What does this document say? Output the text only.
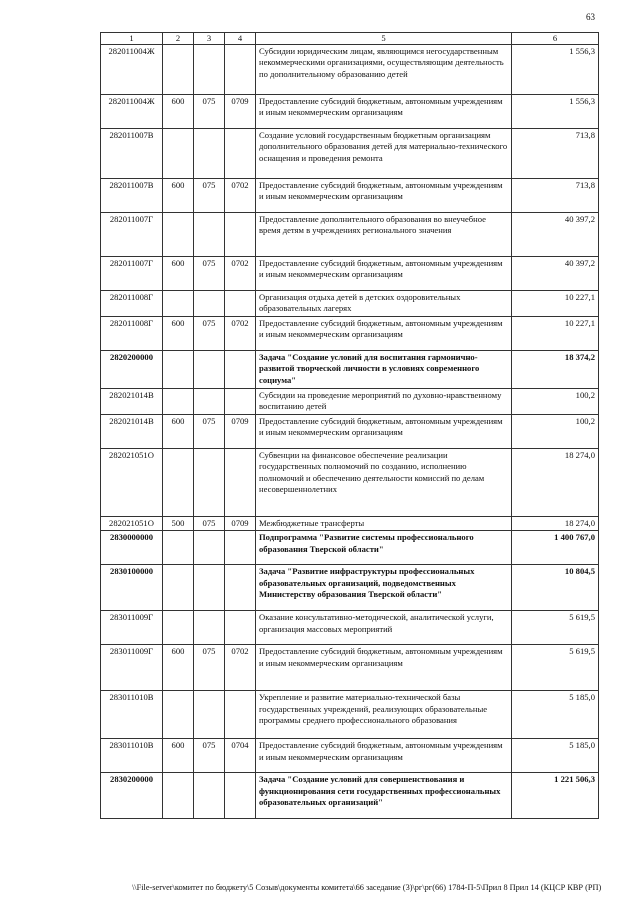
63
1	2	3	4	5	6
282011004Ж				Субсидии юридическим лицам, являющимся негосударственным некоммерческими организациями, осуществляющим деятельность по дополнительному образованию детей	1 556,3
282011004Ж	600	075	0709	Предоставление субсидий бюджетным, автономным учреждениям и иным некоммерческим организациям	1 556,3
282011007В				Создание условий государственным бюджетным организациям дополнительного образования детей для материально-технического оснащения и проведения ремонта	713,8
282011007В	600	075	0702	Предоставление субсидий бюджетным, автономным учреждениям и иным некоммерческим организациям	713,8
282011007Г				Предоставление дополнительного образования во внеучебное время детям в учреждениях регионального значения	40 397,2
282011007Г	600	075	0702	Предоставление субсидий бюджетным, автономным учреждениям и иным некоммерческим организациям	40 397,2
282011008Г				Организация отдыха детей в детских оздоровительных образовательных лагерях	10 227,1
282011008Г	600	075	0702	Предоставление субсидий бюджетным, автономным учреждениям и иным некоммерческим организациям	10 227,1
2820200000				Задача "Создание условий для воспитания гармонично-развитой творческой личности в условиях современного социума"	18 374,2
282021014В				Субсидии на проведение мероприятий по духовно-нравственному воспитанию детей	100,2
282021014В	600	075	0709	Предоставление субсидий бюджетным, автономным учреждениям и иным некоммерческим организациям	100,2
282021051О				Субвенции на финансовое обеспечение реализации государственных полномочий по созданию, исполнению полномочий и обеспечению деятельности комиссий по делам несовершеннолетних	18 274,0
282021051О	500	075	0709	Межбюджетные трансферты	18 274,0
2830000000				Подпрограмма "Развитие системы профессионального образования Тверской области"	1 400 767,0
2830100000				Задача "Развитие инфраструктуры профессиональных образовательных организаций, подведомственных Министерству образования Тверской области"	10 804,5
283011009Г				Оказание консультативно-методической, аналитической услуги, организация массовых мероприятий	5 619,5
283011009Г	600	075	0702	Предоставление субсидий бюджетным, автономным учреждениям и иным некоммерческим организациям	5 619,5
283011010В				Укрепление и развитие материально-технической базы государственных учреждений, реализующих образовательные программы среднего профессионального образования	5 185,0
283011010В	600	075	0704	Предоставление субсидий бюджетным, автономным учреждениям и иным некоммерческим организациям	5 185,0
2830200000				Задача "Создание условий для совершенствования и функционирования сети государственных профессиональных образовательных организаций"	1 221 506,3
\\File-server\комитет по бюджету\5 Созыв\документы комитета\66 заседание (3)\рг\рг(66) 1784-П-5\Прил 8 Прил 14 (КЦСР КВР (РП)
